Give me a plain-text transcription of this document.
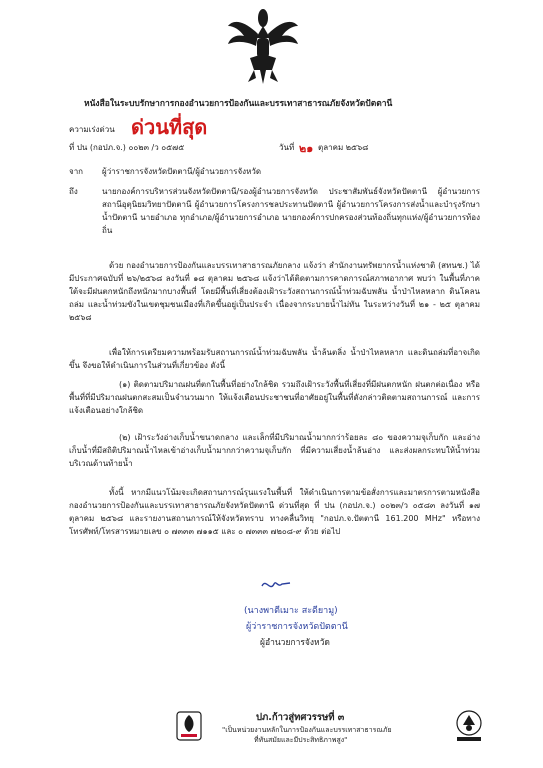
หนังสือในระบบรักษาการกองอำนวยการป้องกันและบรรเทาสาธารณภัยจังหวัดปัตตานี
ความเร่งด่วน ด่วนที่สุด
ที่ ปน (กอปภ.จ.) ๐๐๒๓ /ว ๐๕๗๕	วันที่ ๒๑ ตุลาคม ๒๕๖๘
จาก ผู้ว่าราชการจังหวัดปัตตานี/ผู้อำนวยการจังหวัด
ถึง	นายกองค์การบริหารส่วนจังหวัดปัตตานี/รองผู้อำนวยการจังหวัด ประชาสัมพันธ์จังหวัดปัตตานี ผู้อำนวยการสถานีอุตุนิยมวิทยาปัตตานี ผู้อำนวยการโครงการชลประทานปัตตานี ผู้อำนวยการโครงการส่งน้ำและบำรุงรักษาน้ำปัตตานี นายอำเภอ ทุกอำเภอ/ผู้อำนวยการอำเภอ นายกองค์การปกครองส่วนท้องถิ่นทุกแห่ง/ผู้อำนวยการท้องถิ่น
ด้วย กองอำนวยการป้องกันและบรรเทาสาธารณภัยกลาง แจ้งว่า สำนักงานทรัพยากรน้ำแห่งชาติ (สทนช.) ได้มีประกาศฉบับที่ ๒๖/๒๕๖๘ ลงวันที่ ๑๘ ตุลาคม ๒๕๖๘ แจ้งว่าได้ติดตามการคาดการณ์สภาพอากาศ พบว่า ในพื้นที่ภาคใต้จะมีฝนตกหนักถึงหนักมากบางพื้นที่ โดยมีพื้นที่เสี่ยงต้องเฝ้าระวังสถานการณ์น้ำท่วมฉับพลัน น้ำป่าไหลหลาก ดินโคลนถล่ม และน้ำท่วมขังในเขตชุมชนเมืองที่เกิดขึ้นอยู่เป็นประจำ เนื่องจากระบายน้ำไม่ทัน ในระหว่างวันที่ ๒๑ - ๒๕ ตุลาคม ๒๕๖๘
เพื่อให้การเตรียมความพร้อมรับสถานการณ์น้ำท่วมฉับพลัน น้ำล้นตลิ่ง น้ำป่าไหลหลาก และดินถล่มที่อาจเกิดขึ้น จึงขอให้ดำเนินการในส่วนที่เกี่ยวข้อง ดังนี้
(๑) ติดตามปริมาณฝนที่ตกในพื้นที่อย่างใกล้ชิด รวมถึงเฝ้าระวังพื้นที่เสี่ยงที่มีฝนตกหนัก ฝนตกต่อเนื่อง หรือพื้นที่ที่มีปริมาณฝนตกสะสมเป็นจำนวนมาก ให้แจ้งเตือนประชาชนที่อาศัยอยู่ในพื้นที่ดังกล่าวติดตามสถานการณ์ และการแจ้งเตือนอย่างใกล้ชิด
(๒) เฝ้าระวังอ่างเก็บน้ำขนาดกลาง และเล็กที่มีปริมาณน้ำมากกว่าร้อยละ ๘๐ ของความจุเก็บกัก และอ่างเก็บน้ำที่มีสถิติปริมาณน้ำไหลเข้าอ่างเก็บน้ำมากกว่าความจุเก็บกัก ที่มีความเสี่ยงน้ำล้นอ่าง และส่งผลกระทบให้น้ำท่วมบริเวณด้านท้ายน้ำ
ทั้งนี้ หากมีแนวโน้มจะเกิดสถานการณ์รุนแรงในพื้นที่ ให้ดำเนินการตามข้อสั่งการและมาตรการตามหนังสือกองอำนวยการป้องกันและบรรเทาสาธารณภัยจังหวัดปัตตานี ด่วนที่สุด ที่ ปน (กอปภ.จ.) ๐๐๒๓/ว ๐๕๘๓ ลงวันที่ ๑๗ ตุลาคม ๒๕๖๘ และรายงานสถานการณ์ให้จังหวัดทราบ ทางคลื่นวิทยุ "กอปภ.จ.ปัตตานี 161.200 MHz" หรือทางโทรศัพท์/โทรสารหมายเลข ๐ ๗๓๓๓ ๗๑๑๕ และ ๐ ๗๓๓๓ ๗๒๐๘-๙ ด้วย ต่อไป
(นางพาตีเมาะ สะดียามู)
ผู้ว่าราชการจังหวัดปัตตานี
ผู้อำนวยการจังหวัด
ปภ.ก้าวสู่ทศวรรษที่ ๓
"เป็นหน่วยงานหลักในการป้องกันและบรรเทาสาธารณภัย
ที่ทันสมัยและมีประสิทธิภาพสูง"
